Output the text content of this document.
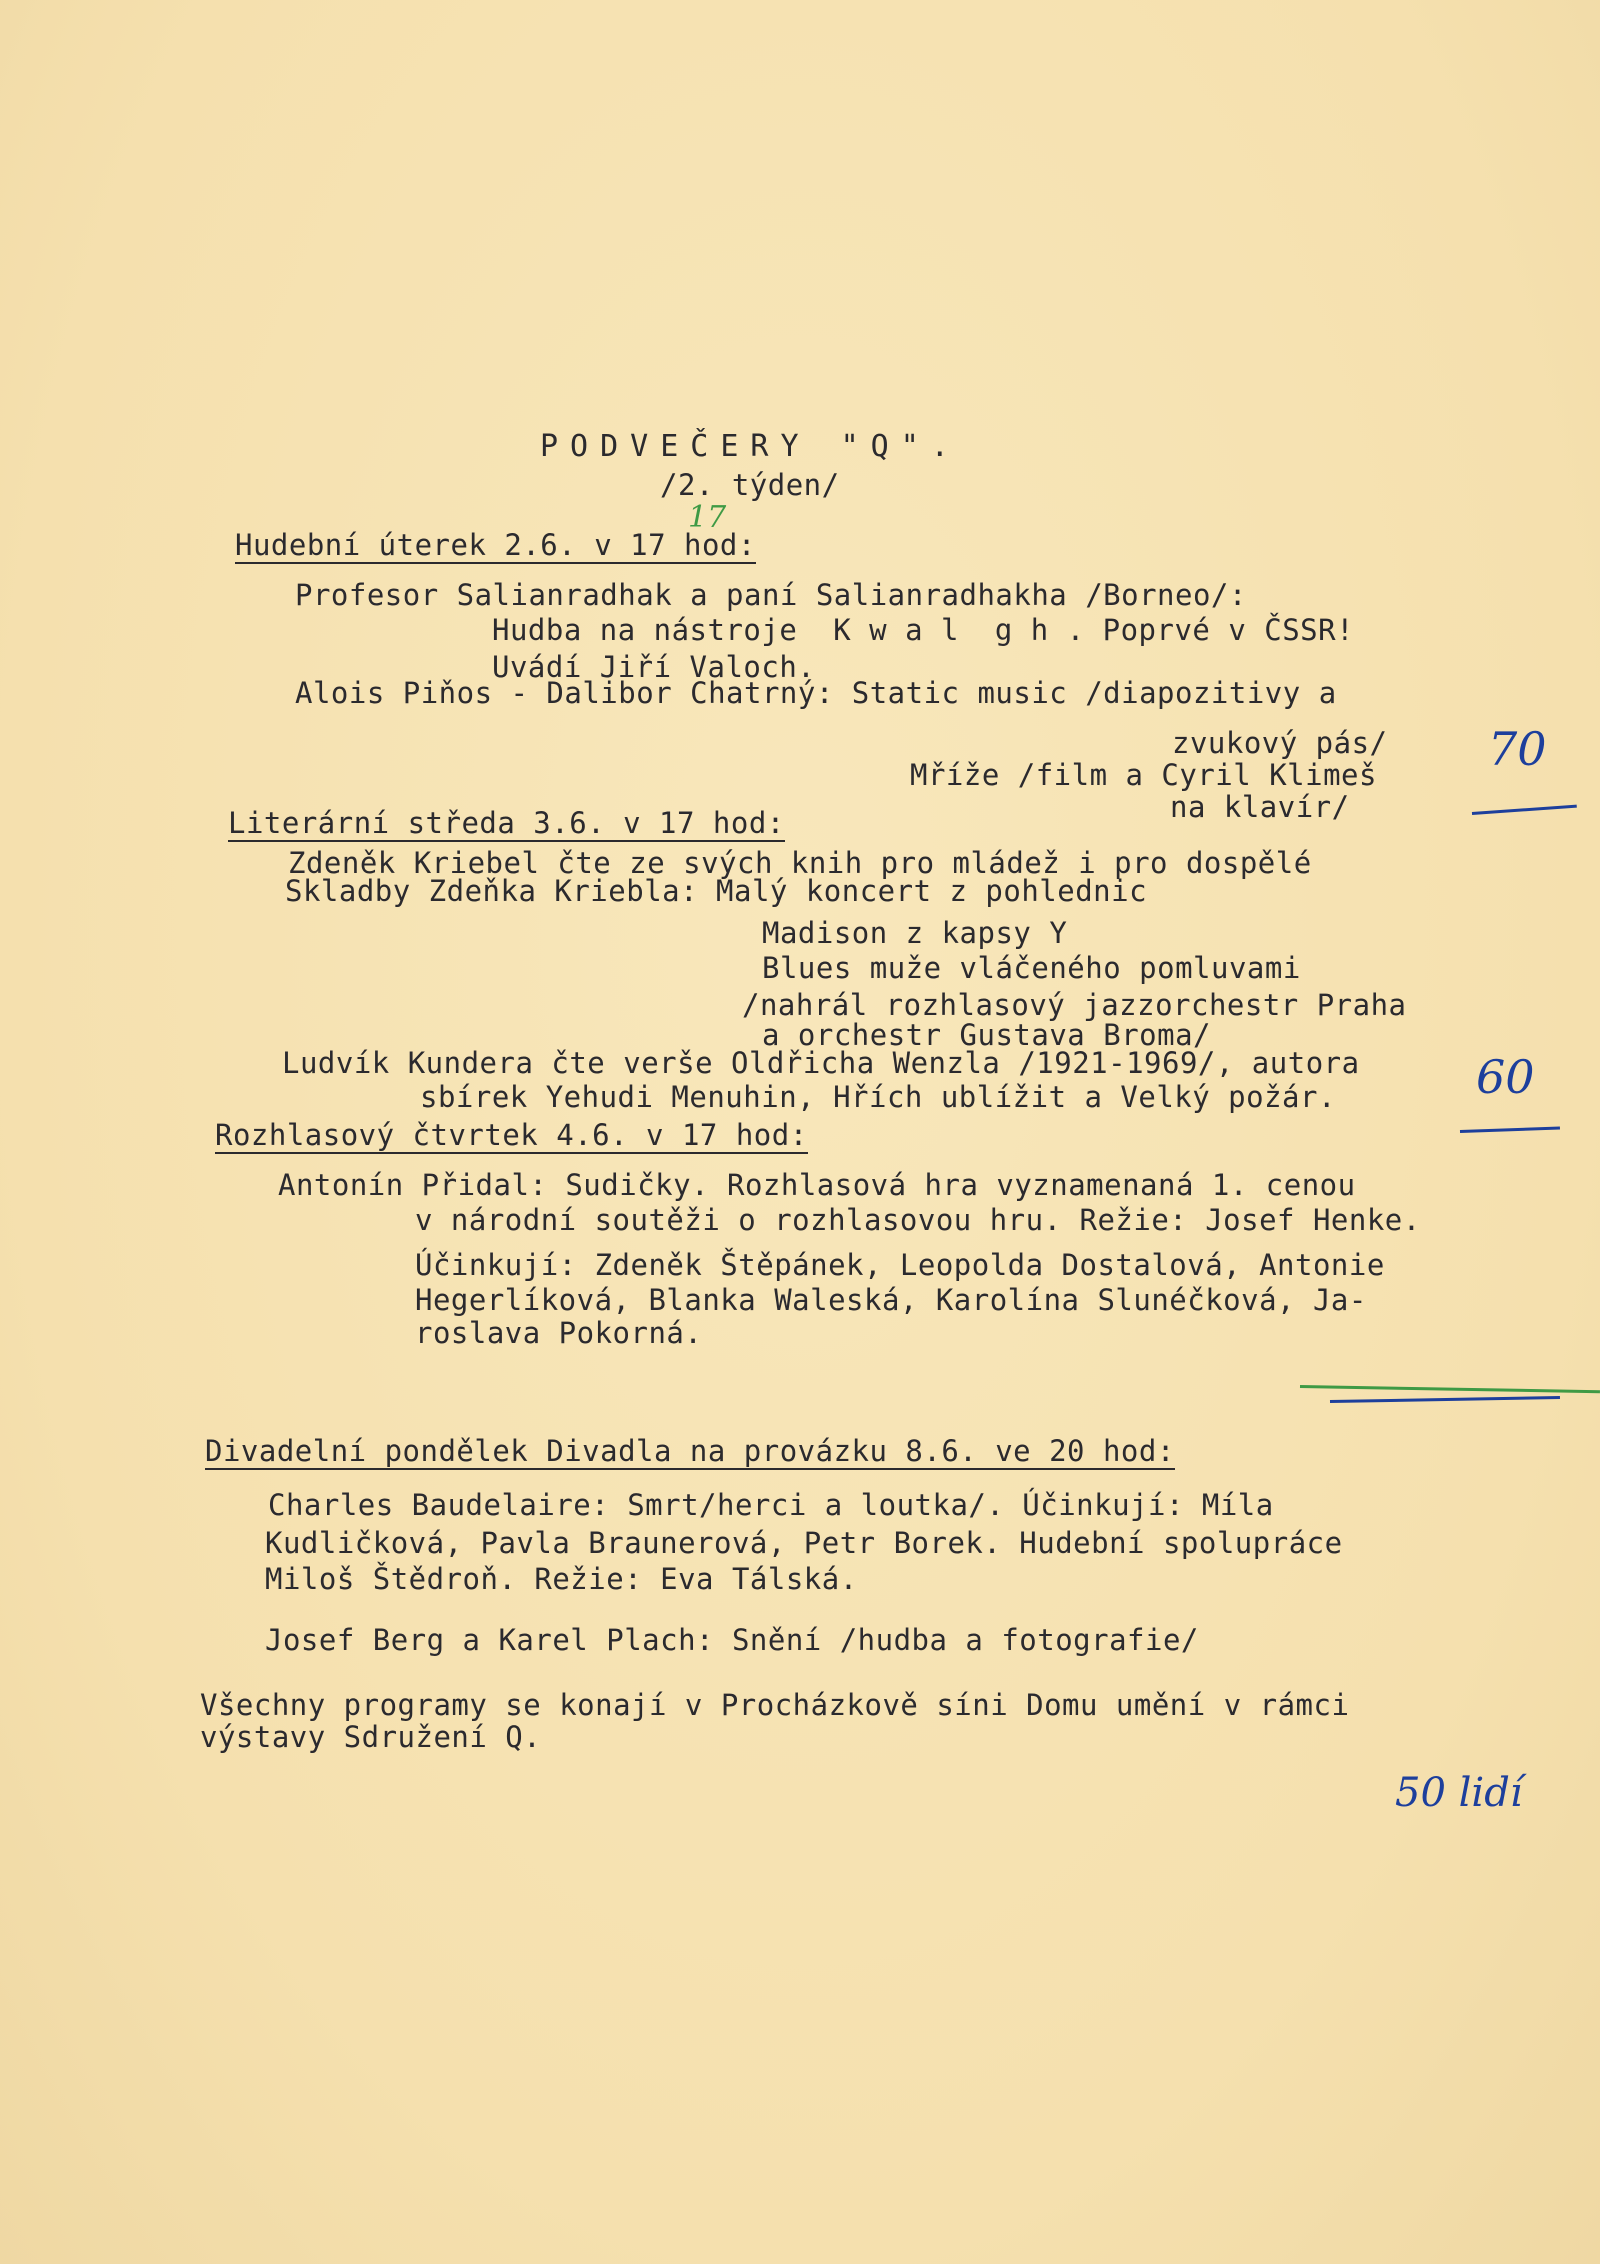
PODVEČERY "Q".
/2. týden/
Hudební úterek 2.6. v 17 hod:
17
Profesor Salianradhak a paní Salianradhakha /Borneo/:
Hudba na nástroje  K w a l  g h . Poprvé v ČSSR!
Uvádí Jiří Valoch.
Alois Piňos - Dalibor Chatrný: Static music /diapozitivy a
zvukový pás/
Mříže /film a Cyril Klimeš
na klavír/
70
Literární středa 3.6. v 17 hod:
Zdeněk Kriebel čte ze svých knih pro mládež i pro dospělé
Skladby Zdeňka Kriebla: Malý koncert z pohlednic
Madison z kapsy Y
Blues muže vláčeného pomluvami
/nahrál rozhlasový jazzorchestr Praha
a orchestr Gustava Broma/
Ludvík Kundera čte verše Oldřicha Wenzla /1921-1969/, autora
sbírek Yehudi Menuhin, Hřích ublížit a Velký požár.	60
Rozhlasový čtvrtek 4.6. v 17 hod:
Antonín Přidal: Sudičky. Rozhlasová hra vyznamenaná 1. cenou
v národní soutěži o rozhlasovou hru. Režie: Josef Henke.
Účinkují: Zdeněk Štěpánek, Leopolda Dostalová, Antonie
Hegerlíková, Blanka Waleská, Karolína Slunéčková, Ja-
roslava Pokorná.
Divadelní pondělek Divadla na provázku 8.6. ve 20 hod:
Charles Baudelaire: Smrt/herci a loutka/. Účinkují: Míla
Kudličková, Pavla Braunerová, Petr Borek. Hudební spolupráce
Miloš Štědroň. Režie: Eva Tálská.
Josef Berg a Karel Plach: Snění /hudba a fotografie/
Všechny programy se konají v Procházkově síni Domu umění v rámci
výstavy Sdružení Q.
50 lidí
